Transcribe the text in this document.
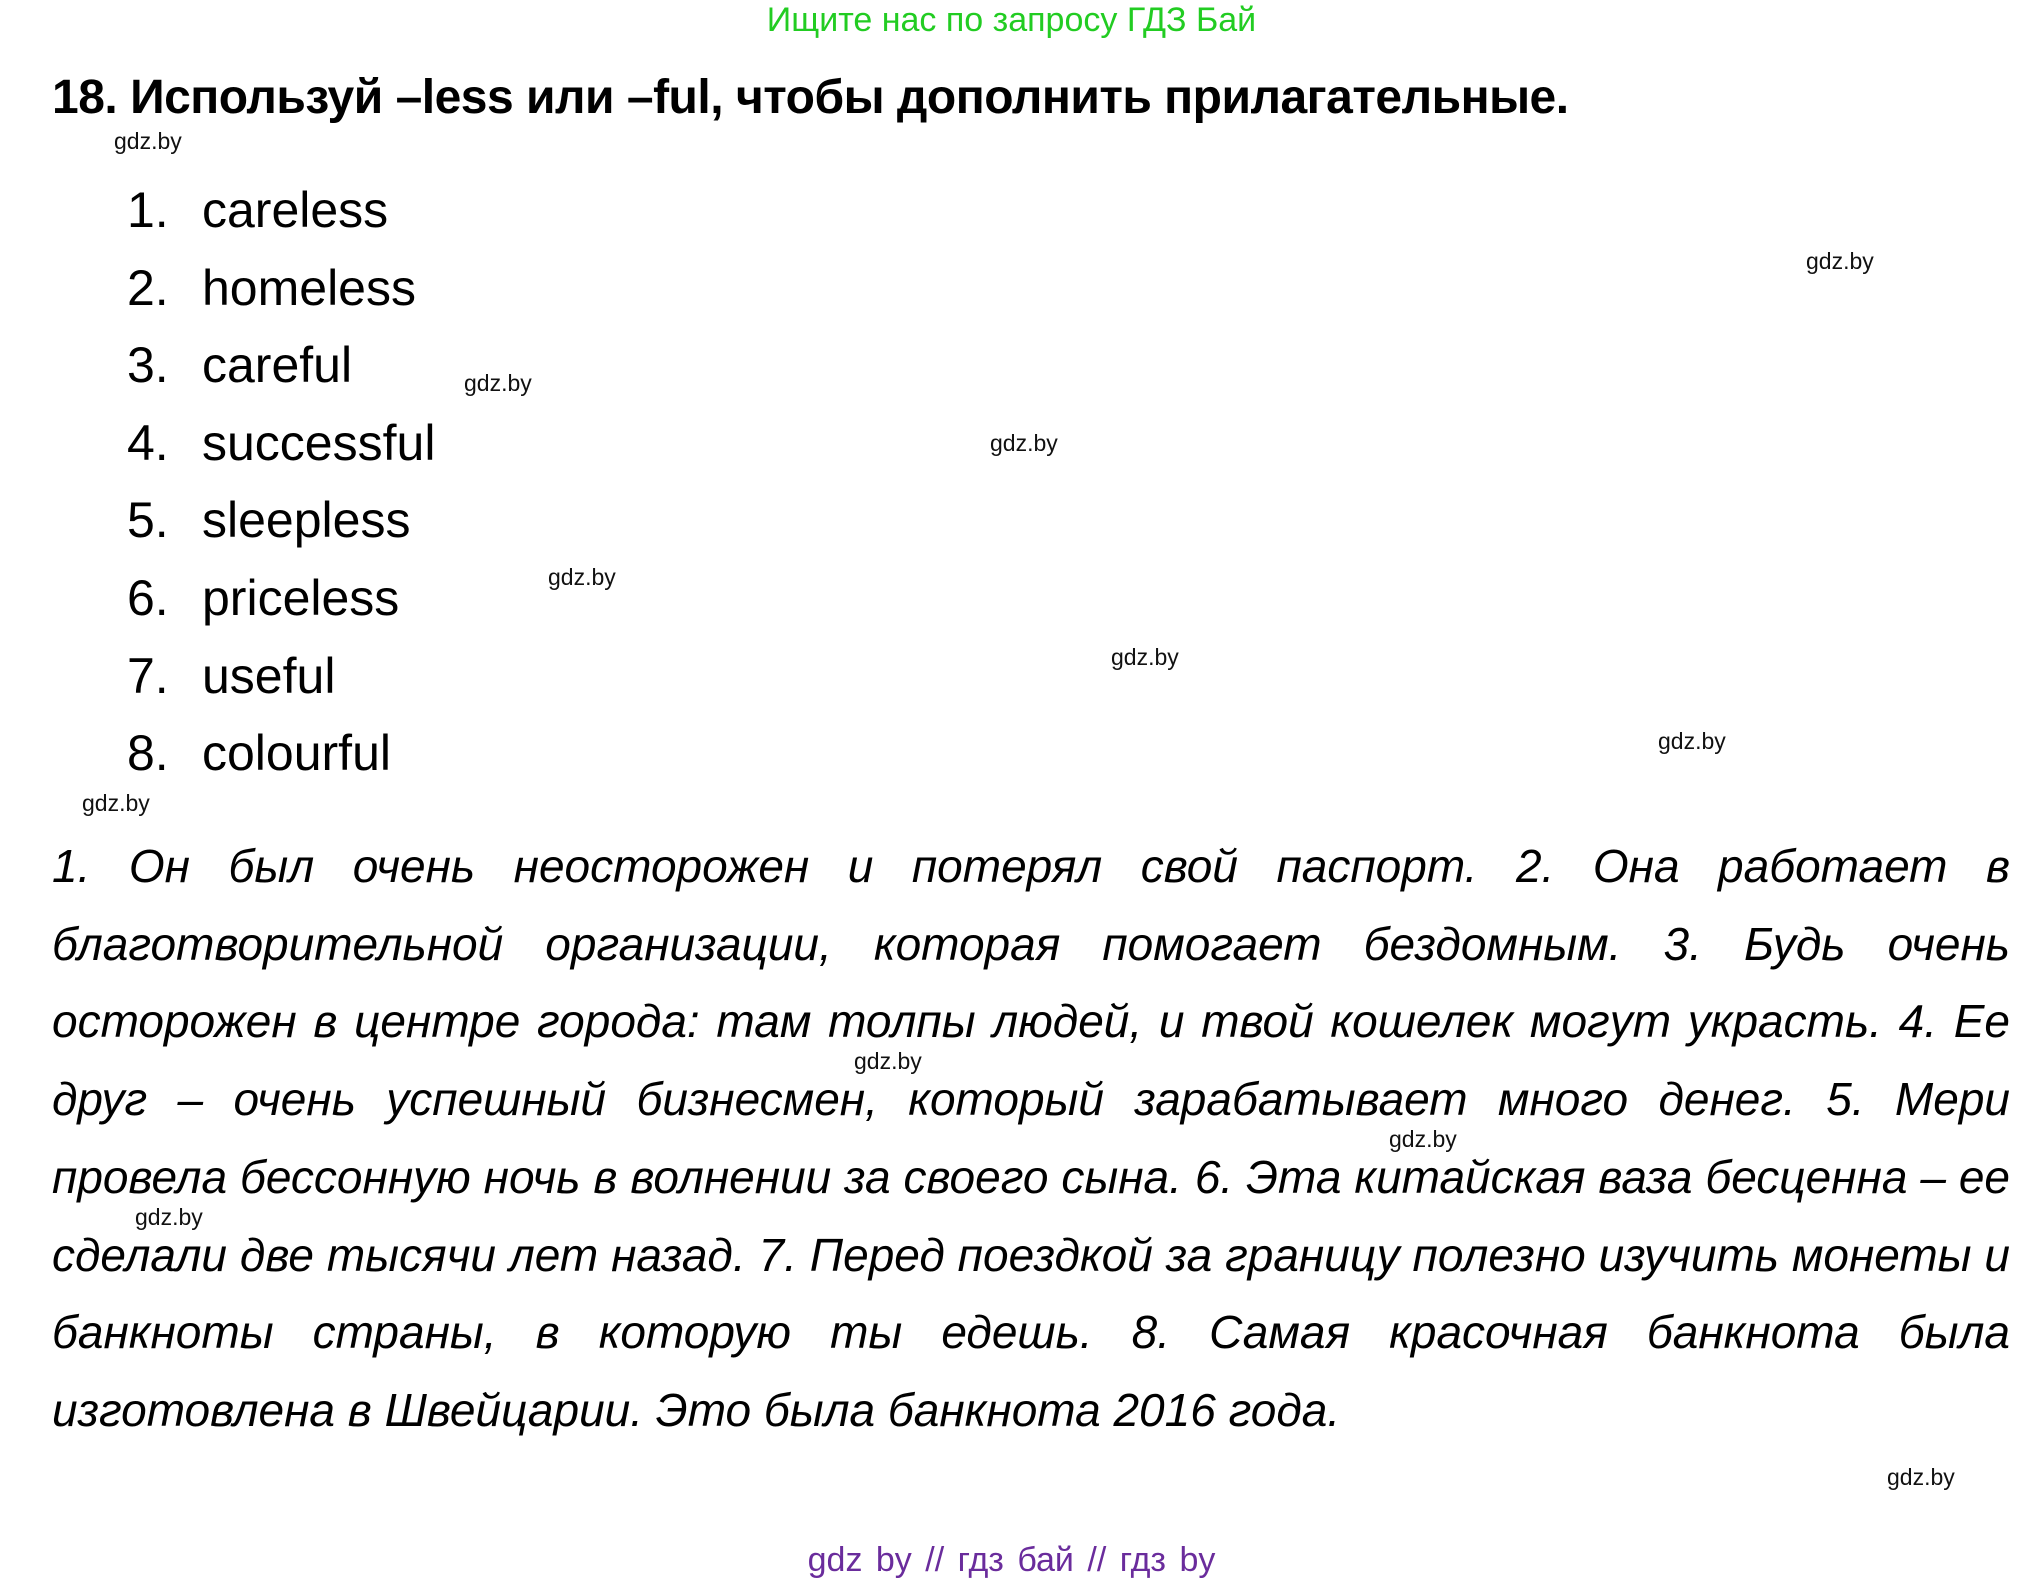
Ищите нас по запросу ГДЗ Бай
18. Используй –less или –ful, чтобы дополнить прилагательные.
1. careless
2. homeless
3. careful
4. successful
5. sleepless
6. priceless
7. useful
8. colourful
1. Он был очень неосторожен и потерял свой паспорт. 2. Она работает в благотворительной организации, которая помогает бездомным. 3. Будь очень осторожен в центре города: там толпы людей, и твой кошелек могут украсть. 4. Ее друг – очень успешный бизнесмен, который зарабатывает много денег. 5. Мери провела бессонную ночь в волнении за своего сына. 6. Эта китайская ваза бесценна – ее сделали две тысячи лет назад. 7. Перед поездкой за границу полезно изучить монеты и банкноты страны, в которую ты едешь. 8. Самая красочная банкнота была изготовлена в Швейцарии. Это была банкнота 2016 года.
gdz.by
gdz.by
gdz.by
gdz.by
gdz.by
gdz.by
gdz.by
gdz.by
gdz.by
gdz.by
gdz.by
gdz.by
gdz by // гдз бай // гдз by
